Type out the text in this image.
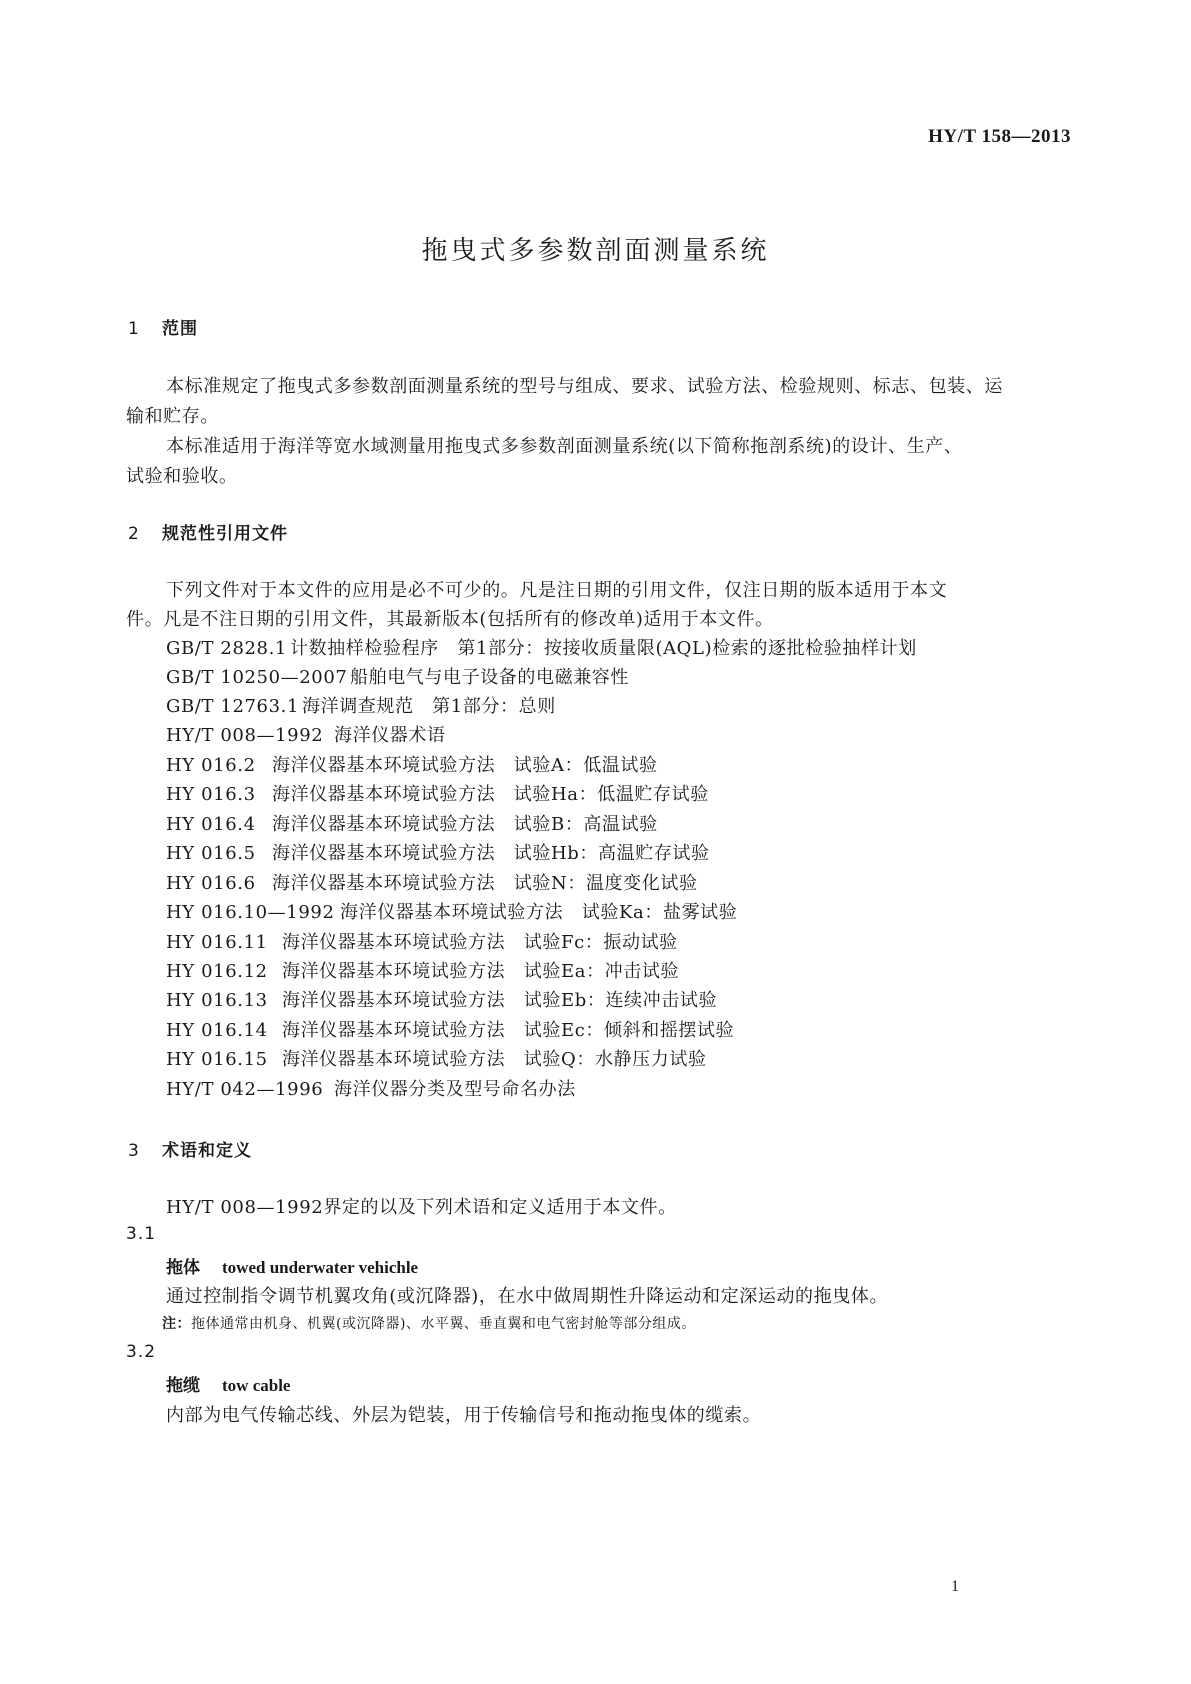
HY/T 158—2013
拖曳式多参数剖面测量系统
1 范围
本标准规定了拖曳式多参数剖面测量系统的型号与组成、要求、试验方法、检验规则、标志、包装、运
输和贮存。
本标准适用于海洋等宽水域测量用拖曳式多参数剖面测量系统(以下简称拖剖系统)的设计、生产、
试验和验收。
2 规范性引用文件
下列文件对于本文件的应用是必不可少的。凡是注日期的引用文件，仅注日期的版本适用于本文
件。凡是不注日期的引用文件，其最新版本(包括所有的修改单)适用于本文件。
GB/T 2828.1 计数抽样检验程序　第1部分：按接收质量限(AQL)检索的逐批检验抽样计划
GB/T 10250—2007 船舶电气与电子设备的电磁兼容性
GB/T 12763.1 海洋调查规范　第1部分：总则
HY/T 008—1992 海洋仪器术语
HY 016.2 海洋仪器基本环境试验方法　试验A：低温试验
HY 016.3 海洋仪器基本环境试验方法　试验Ha：低温贮存试验
HY 016.4 海洋仪器基本环境试验方法　试验B：高温试验
HY 016.5 海洋仪器基本环境试验方法　试验Hb：高温贮存试验
HY 016.6 海洋仪器基本环境试验方法　试验N：温度变化试验
HY 016.10—1992 海洋仪器基本环境试验方法　试验Ka：盐雾试验
HY 016.11 海洋仪器基本环境试验方法　试验Fc：振动试验
HY 016.12 海洋仪器基本环境试验方法　试验Ea：冲击试验
HY 016.13 海洋仪器基本环境试验方法　试验Eb：连续冲击试验
HY 016.14 海洋仪器基本环境试验方法　试验Ec：倾斜和摇摆试验
HY 016.15 海洋仪器基本环境试验方法　试验Q：水静压力试验
HY/T 042—1996 海洋仪器分类及型号命名办法
3 术语和定义
HY/T 008—1992界定的以及下列术语和定义适用于本文件。
3.1
拖体 towed underwater vehichle
通过控制指令调节机翼攻角(或沉降器)，在水中做周期性升降运动和定深运动的拖曳体。
注：拖体通常由机身、机翼(或沉降器)、水平翼、垂直翼和电气密封舱等部分组成。
3.2
拖缆 tow cable
内部为电气传输芯线、外层为铠装，用于传输信号和拖动拖曳体的缆索。
1
